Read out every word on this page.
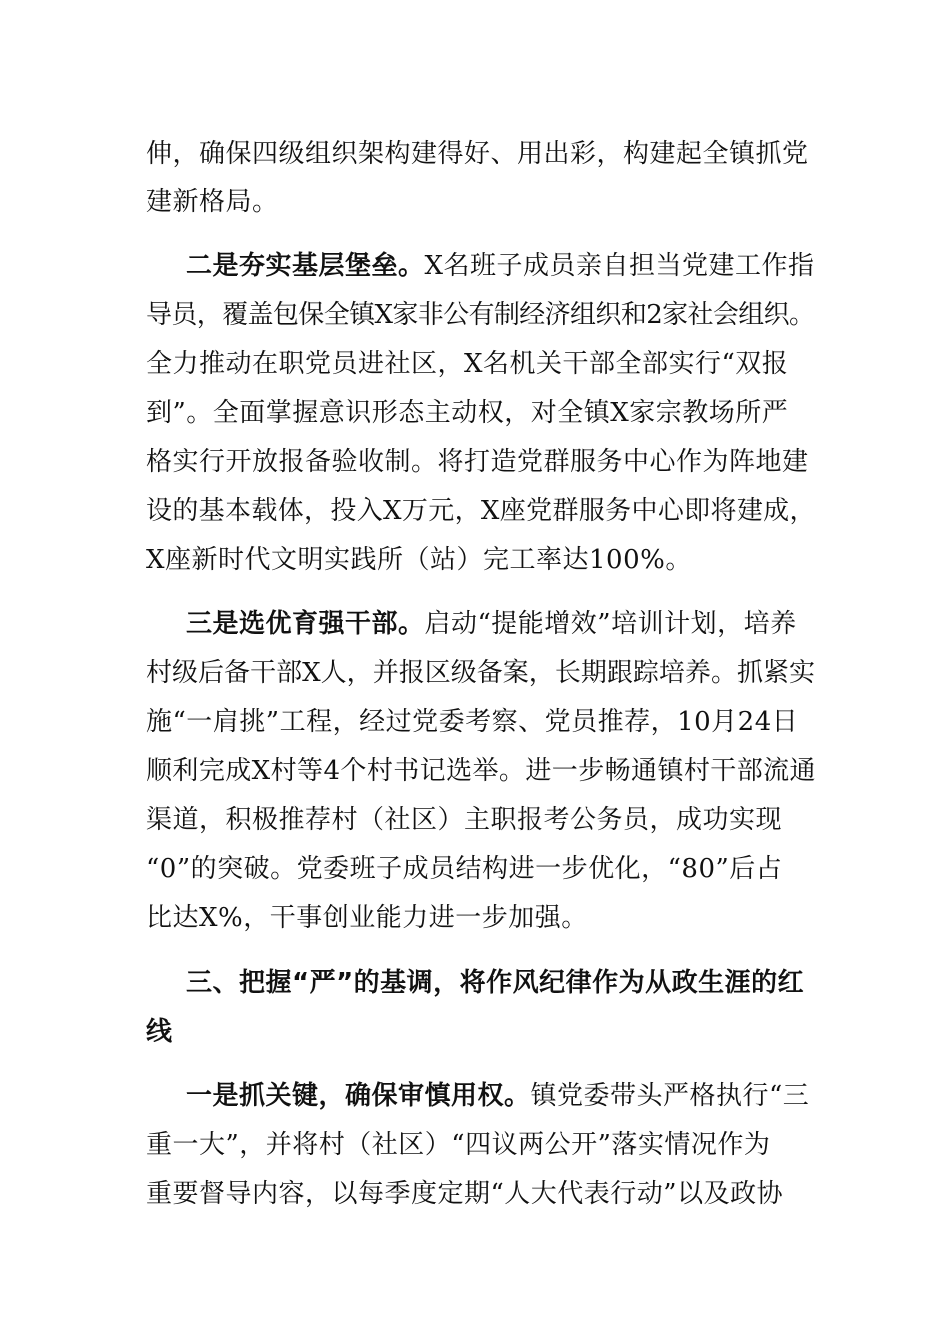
伸，确保四级组织架构建得好、用出彩，构建起全镇抓党
建新格局。
二是夯实基层堡垒。X名班子成员亲自担当党建工作指
导员，覆盖包保全镇X家非公有制经济组织和2家社会组织。
全力推动在职党员进社区，X名机关干部全部实行“双报
到”。全面掌握意识形态主动权，对全镇X家宗教场所严
格实行开放报备验收制。将打造党群服务中心作为阵地建
设的基本载体，投入X万元，X座党群服务中心即将建成，
X座新时代文明实践所（站）完工率达100%。
三是选优育强干部。启动“提能增效”培训计划，培养
村级后备干部X人，并报区级备案，长期跟踪培养。抓紧实
施“一肩挑”工程，经过党委考察、党员推荐，10月24日
顺利完成X村等4个村书记选举。进一步畅通镇村干部流通
渠道，积极推荐村（社区）主职报考公务员，成功实现
“0”的突破。党委班子成员结构进一步优化，“80”后占
比达X%，干事创业能力进一步加强。
三、把握“严”的基调，将作风纪律作为从政生涯的红
线
一是抓关键，确保审慎用权。镇党委带头严格执行“三
重一大”，并将村（社区）“四议两公开”落实情况作为
重要督导内容，以每季度定期“人大代表行动”以及政协
